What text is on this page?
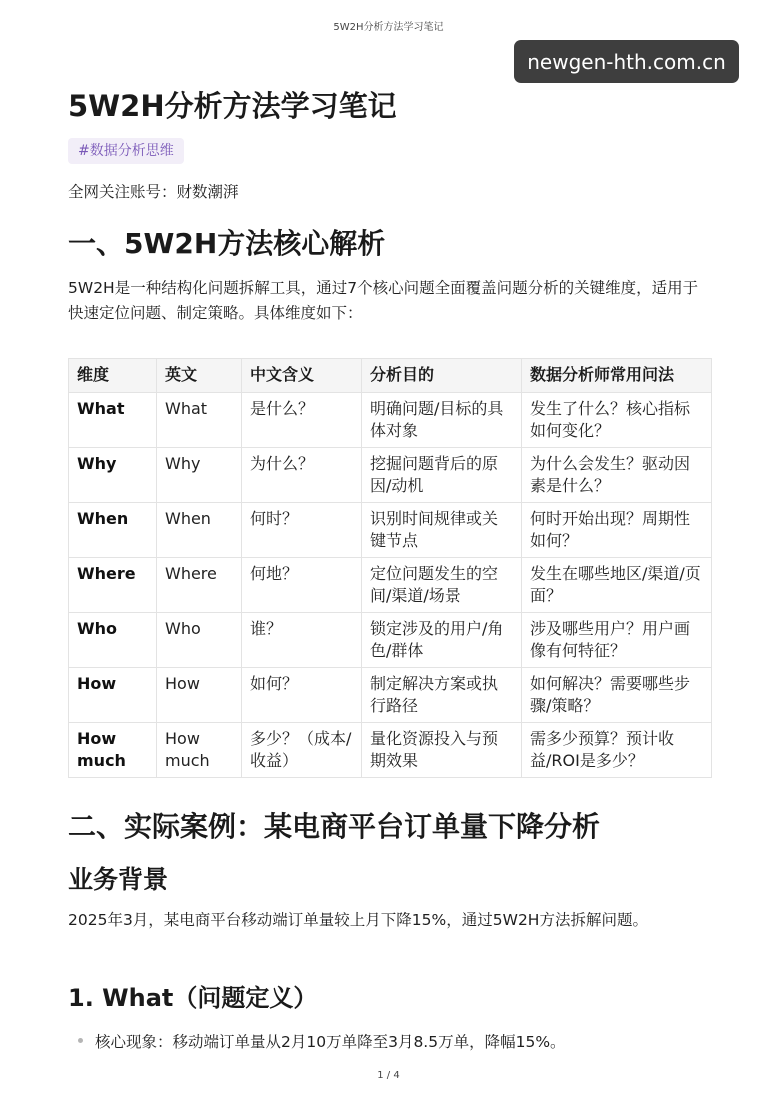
5W2H分析方法学习笔记
newgen-hth.com.cn
5W2H分析方法学习笔记
#数据分析思维
全网关注账号：财数潮湃
一、5W2H方法核心解析

5W2H是一种结构化问题拆解工具，通过7个核心问题全面覆盖问题分析的关键维度，适用于快速定位问题、制定策略。具体维度如下：

维度	英文	中文含义	分析目的	数据分析师常用问法
What	What	是什么？	明确问题/目标的具体对象	发生了什么？核心指标如何变化？
Why	Why	为什么？	挖掘问题背后的原因/动机	为什么会发生？驱动因素是什么？
When	When	何时？	识别时间规律或关键节点	何时开始出现？周期性如何？
Where	Where	何地？	定位问题发生的空间/渠道/场景	发生在哪些地区/渠道/页面？
Who	Who	谁？	锁定涉及的用户/角色/群体	涉及哪些用户？用户画像有何特征？
How	How	如何？	制定解决方案或执行路径	如何解决？需要哪些步骤/策略？
How much	How much	多少？（成本/收益）	量化资源投入与预期效果	需多少预算？预计收益/ROI是多少？
二、实际案例：某电商平台订单量下降分析
业务背景

2025年3月，某电商平台移动端订单量较上月下降15%，通过5W2H方法拆解问题。

1. What（问题定义）
核心现象：移动端订单量从2月10万单降至3月8.5万单，降幅15%。
1 / 4
